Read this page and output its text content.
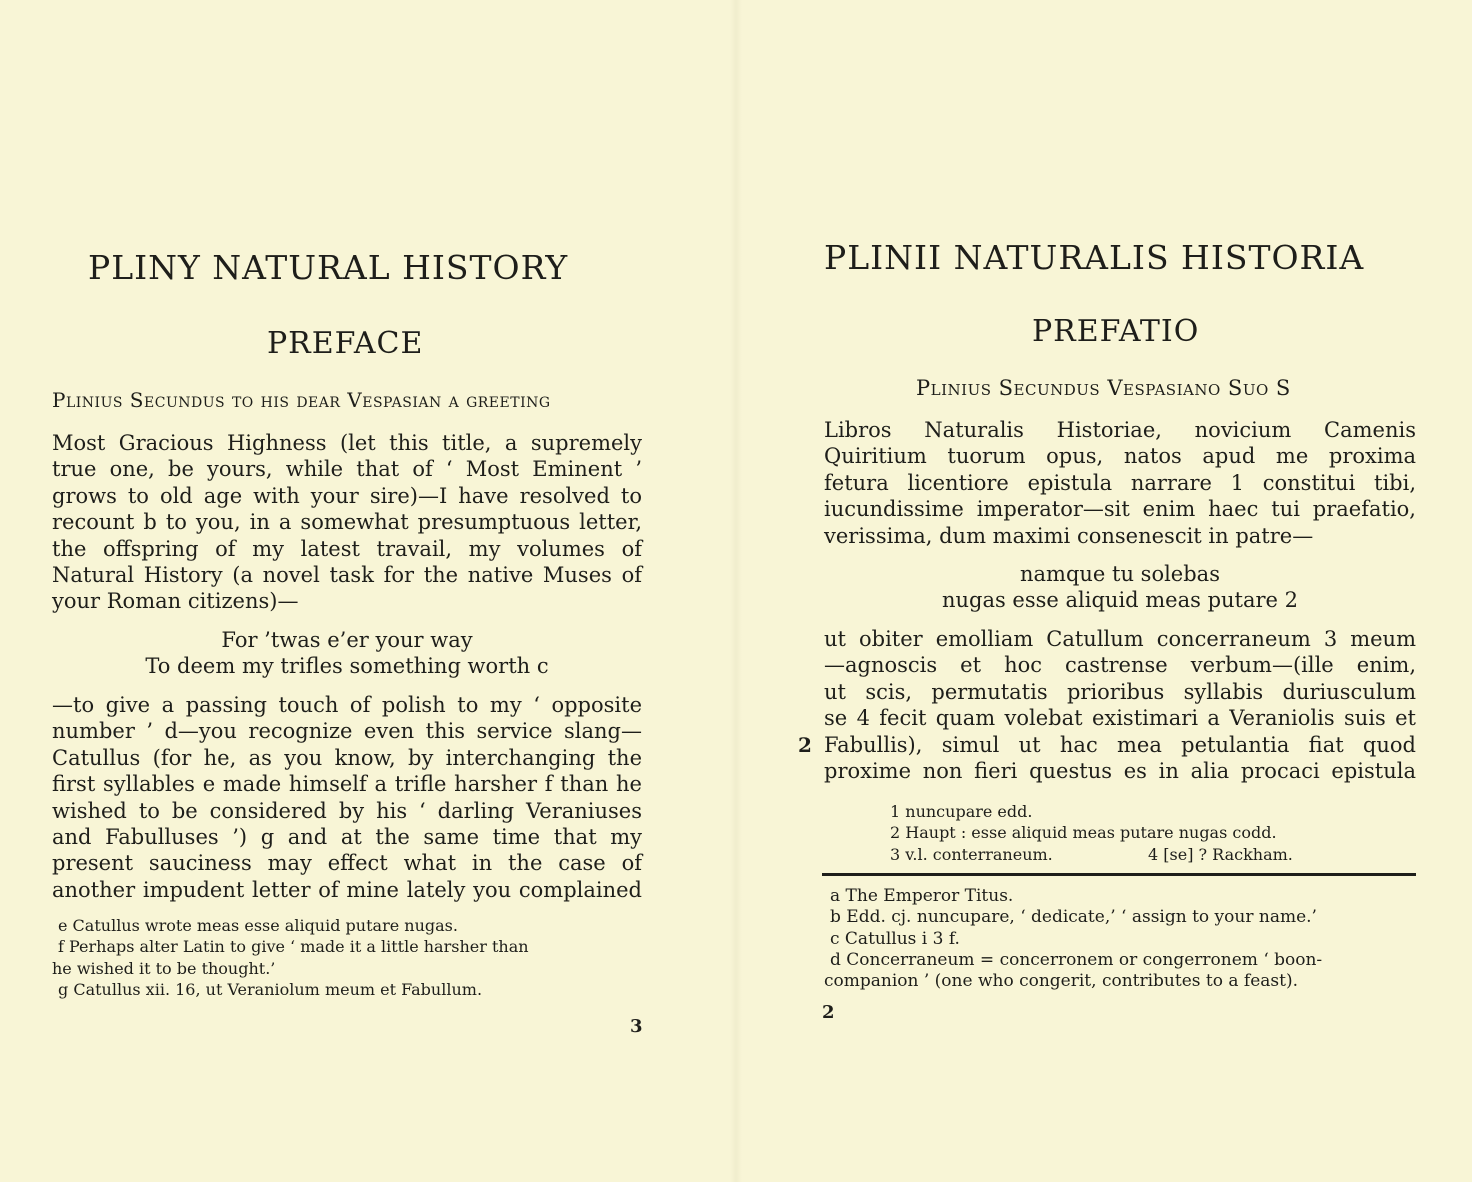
PLINY NATURAL HISTORY
PREFACE

Plinius Secundus to his dear Vespasian a greeting

Most Gracious Highness (let this title, a supremely
true one, be yours, while that of ‘ Most Eminent ’
grows to old age with your sire)—I have resolved to
recount b to you, in a somewhat presumptuous letter,
the offspring of my latest travail, my volumes of
Natural History (a novel task for the native Muses of
your Roman citizens)—
For ’twas e’er your way
To deem my trifles something worth c
—to give a passing touch of polish to my ‘ opposite
number ’ d—you recognize even this service slang—
Catullus (for he, as you know, by interchanging the
first syllables e made himself a trifle harsher f than he
wished to be considered by his ‘ darling Veraniuses
and Fabulluses ’) g and at the same time that my
present sauciness may effect what in the case of
another impudent letter of mine lately you complained
e Catullus wrote meas esse aliquid putare nugas.
f Perhaps alter Latin to give ‘ made it a little harsher than
he wished it to be thought.’
g Catullus xii. 16, ut Veraniolum meum et Fabullum.
3
PLINII NATURALIS HISTORIA
PREFATIO

Plinius Secundus Vespasiano Suo S

Libros Naturalis Historiae, novicium Camenis
Quiritium tuorum opus, natos apud me proxima
fetura licentiore epistula narrare 1 constitui tibi,
iucundissime imperator—sit enim haec tui praefatio,
verissima, dum maximi consenescit in patre—
namque tu solebas
nugas esse aliquid meas putare 2
ut obiter emolliam Catullum concerraneum 3 meum
—agnoscis et hoc castrense verbum—(ille enim,
ut scis, permutatis prioribus syllabis duriusculum
se 4 fecit quam volebat existimari a Veraniolis suis et
Fabullis), simul ut hac mea petulantia fiat quod
proxime non fieri questus es in alia procaci epistula
2
1 nuncupare edd.
2 Haupt : esse aliquid meas putare nugas codd.
3 v.l. conterraneum.	4 [se] ? Rackham.
a The Emperor Titus.
b Edd. cj. nuncupare, ‘ dedicate,’ ‘ assign to your name.’
c Catullus i 3 f.
d Concerraneum = concerronem or congerronem ‘ boon-
companion ’ (one who congerit, contributes to a feast).
2
